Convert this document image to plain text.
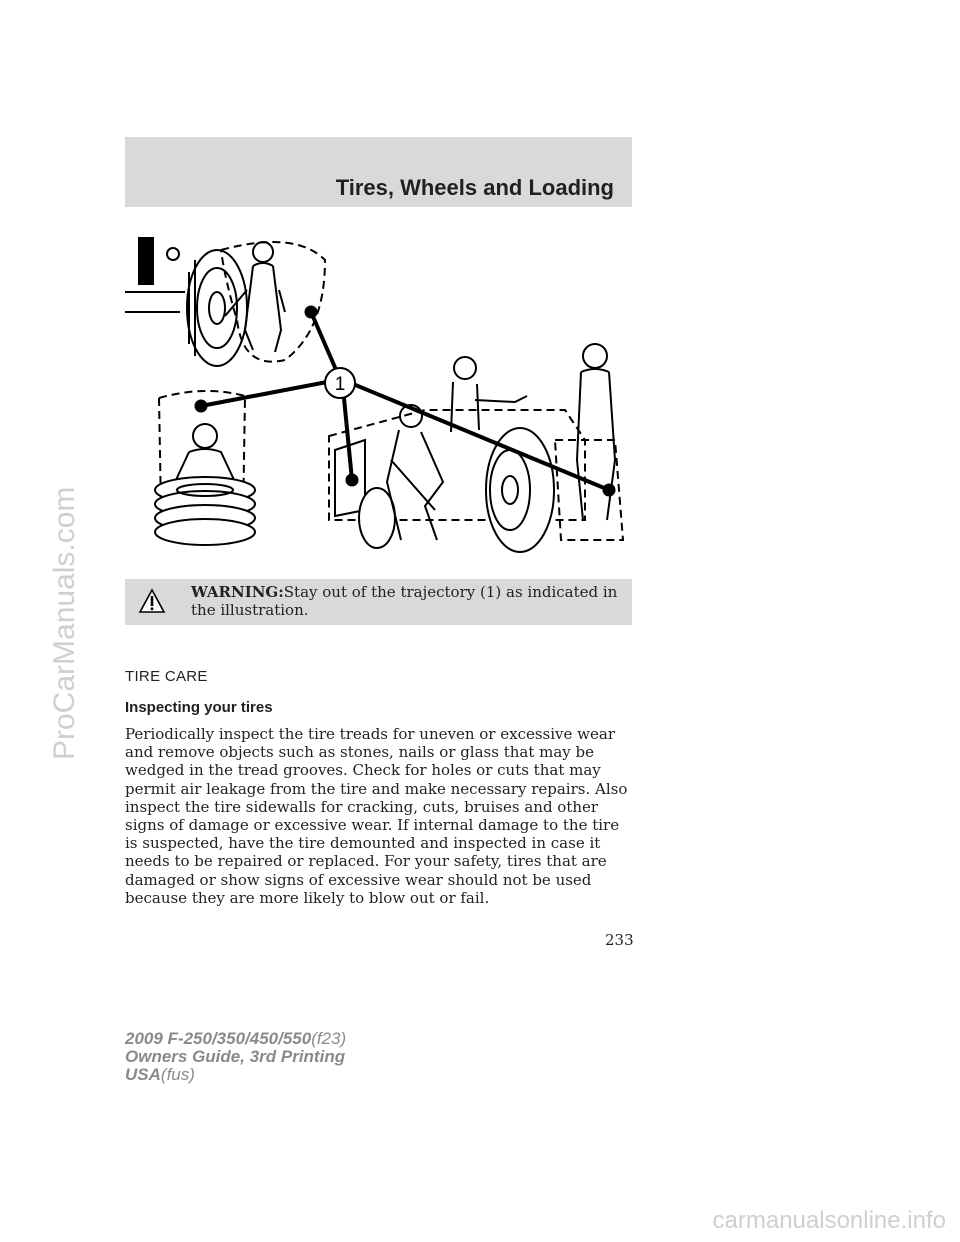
Tires, Wheels and Loading
1

WARNING:Stay out of the trajectory (1) as indicated in the illustration.

TIRE CARE
Inspecting your tires

Periodically inspect the tire treads for uneven or excessive wear and remove objects such as stones, nails or glass that may be wedged in the tread grooves. Check for holes or cuts that may permit air leakage from the tire and make necessary repairs. Also inspect the tire sidewalls for cracking, cuts, bruises and other signs of damage or excessive wear. If internal damage to the tire is suspected, have the tire demounted and inspected in case it needs to be repaired or replaced. For your safety, tires that are damaged or show signs of excessive wear should not be used because they are more likely to blow out or fail.

233

2009 F-250/350/450/550(f23)
Owners Guide, 3rd Printing
USA(fus)

ProCarManuals.com
carmanualsonline.info
